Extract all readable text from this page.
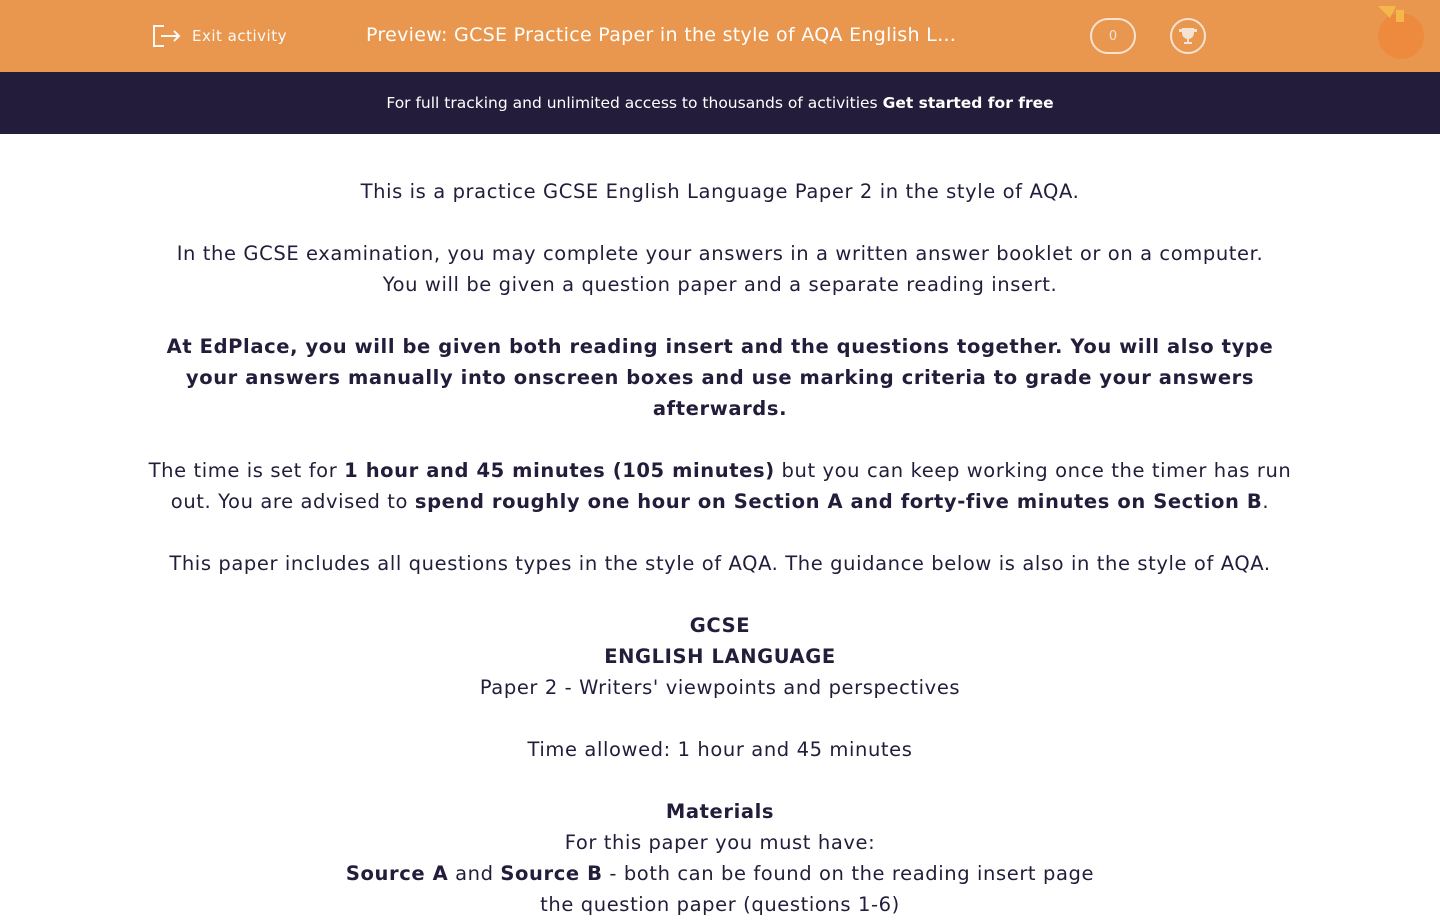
Exit activity	Preview: GCSE Practice Paper in the style of AQA English L…	0
For full tracking and unlimited access to thousands of activities Get started for free

This is a practice GCSE English Language Paper 2 in the style of AQA.

In the GCSE examination, you may complete your answers in a written answer booklet or on a computer.
You will be given a question paper and a separate reading insert.

At EdPlace, you will be given both reading insert and the questions together. You will also type your answers manually into onscreen boxes and use marking criteria to grade your answers afterwards.

The time is set for 1 hour and 45 minutes (105 minutes) but you can keep working once the timer has run out. You are advised to spend roughly one hour on Section A and forty-five minutes on Section B.

This paper includes all questions types in the style of AQA. The guidance below is also in the style of AQA.

GCSE
ENGLISH LANGUAGE
Paper 2 - Writers' viewpoints and perspectives

Time allowed: 1 hour and 45 minutes

Materials
For this paper you must have:
Source A and Source B - both can be found on the reading insert page
the question paper (questions 1-6)
